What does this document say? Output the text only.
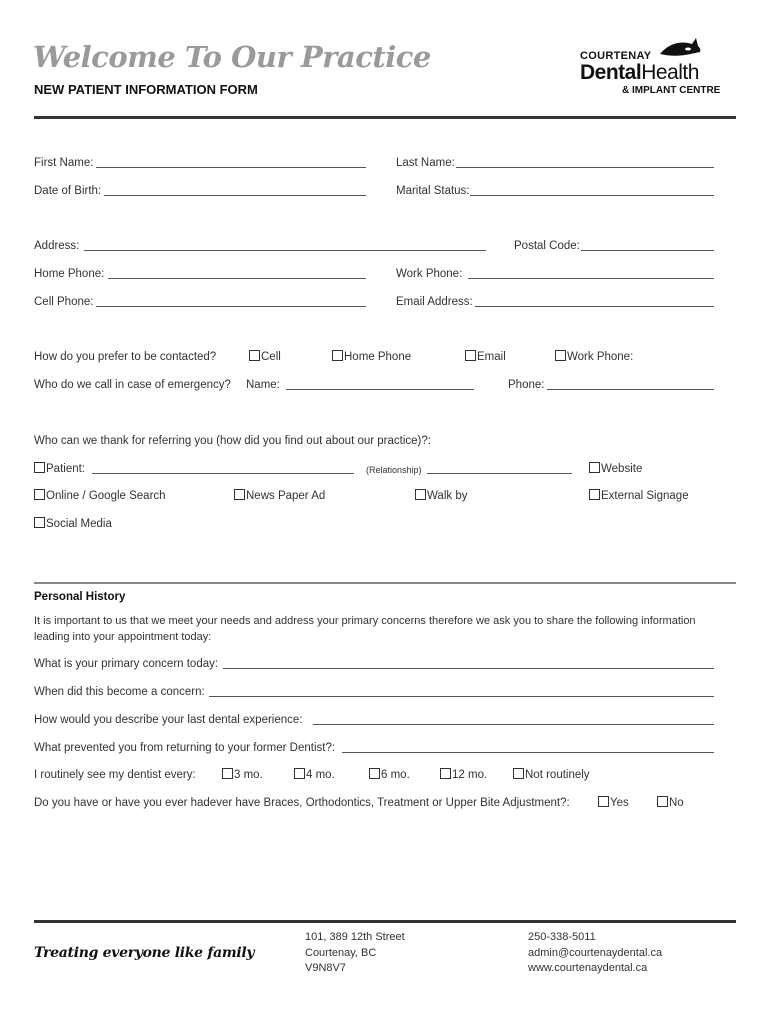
Welcome To Our Practice
NEW PATIENT INFORMATION FORM
COURTENAY
DentalHealth
& IMPLANT CENTRE
First Name:	Last Name:
Date of Birth:	Marital Status:
Address:	Postal Code:
Home Phone:	Work Phone:
Cell Phone:	Email Address:
How do you prefer to be contacted?	Cell	Home Phone	Email	Work Phone:
Who do we call in case of emergency? Name:	Phone:
Who can we thank for referring you (how did you find out about our practice)?:
Patient:	(Relationship)	Website
Online / Google Search	News Paper Ad	Walk by	External Signage
Social Media
Personal History
It is important to us that we meet your needs and address your primary concerns therefore we ask you to share the following information
leading into your appointment today:
What is your primary concern today:
When did this become a concern:
How would you describe your last dental experience:
What prevented you from returning to your former Dentist?:
I routinely see my dentist every:	3 mo.	4 mo.	6 mo.	12 mo.	Not routinely
Do you have or have you ever hadever have Braces, Orthodontics, Treatment or Upper Bite Adjustment?:	Yes	No
Treating everyone like family
101, 389 12th Street
Courtenay, BC
V9N8V7
250-338-5011
admin@courtenaydental.ca
www.courtenaydental.ca
